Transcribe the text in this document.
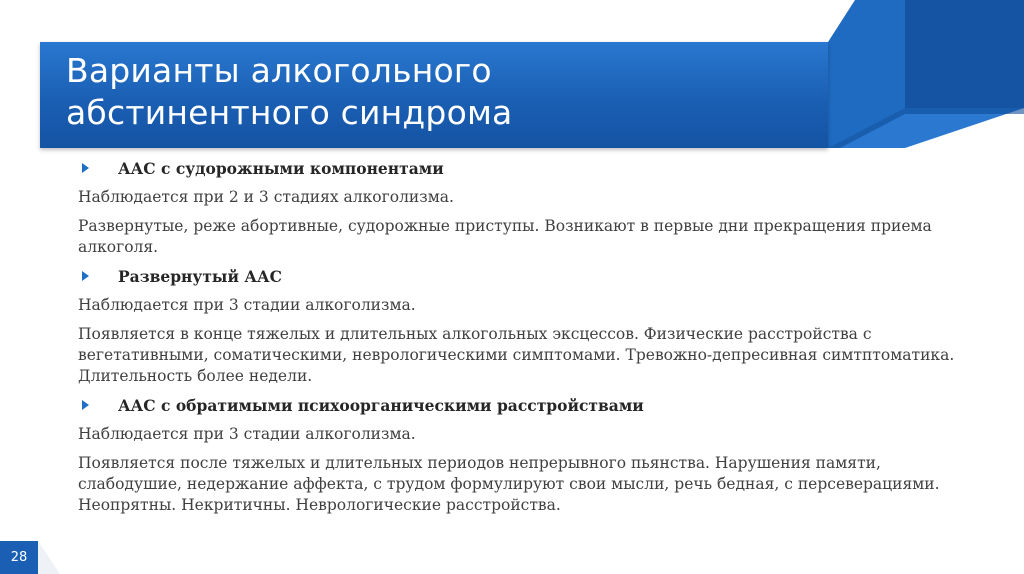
Варианты алкогольного
абстинентного синдрома
ААС с судорожными компонентами

Наблюдается при 2 и 3 стадиях алкоголизма.

Развернутые, реже абортивные, судорожные приступы. Возникают в первые дни прекращения приема алкоголя.

Развернутый ААС

Наблюдается при 3 стадии алкоголизма.

Появляется в конце тяжелых и длительных алкогольных эксцессов. Физические расстройства с вегетативными, соматическими, неврологическими симптомами. Тревожно-депресивная симтптоматика. Длительность более недели.

ААС с обратимыми психоорганическими расстройствами

Наблюдается при 3 стадии алкоголизма.

Появляется после тяжелых и длительных периодов непрерывного пьянства. Нарушения памяти, слабодушие, недержание аффекта, с трудом формулируют свои мысли, речь бедная, с персеверациями. Неопрятны. Некритичны. Неврологические расстройства.

28
